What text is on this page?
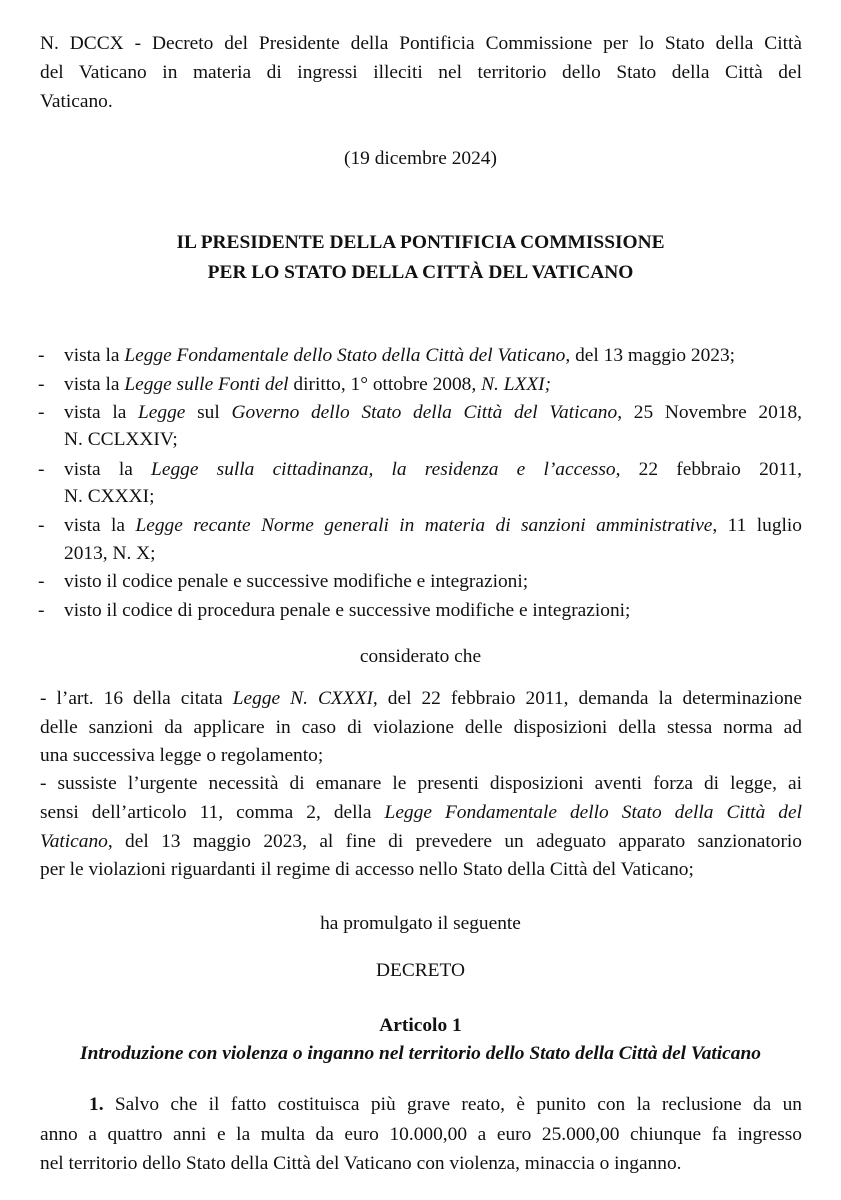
N. DCCX - Decreto del Presidente della Pontificia Commissione per lo Stato della Città
del Vaticano in materia di ingressi illeciti nel territorio dello Stato della Città del
Vaticano.
(19 dicembre 2024)
IL PRESIDENTE DELLA PONTIFICIA COMMISSIONE
PER LO STATO DELLA CITTÀ DEL VATICANO
- vista la Legge Fondamentale dello Stato della Città del Vaticano, del 13 maggio 2023;
- vista la Legge sulle Fonti del diritto, 1° ottobre 2008, N. LXXI;
- vista la Legge sul Governo dello Stato della Città del Vaticano, 25 Novembre 2018,
N. CCLXXIV;
- vista la Legge sulla cittadinanza, la residenza e l’accesso, 22 febbraio 2011,
N. CXXXI;
- vista la Legge recante Norme generali in materia di sanzioni amministrative, 11 luglio
2013, N. X;
- visto il codice penale e successive modifiche e integrazioni;
- visto il codice di procedura penale e successive modifiche e integrazioni;
considerato che
- l’art. 16 della citata Legge N. CXXXI, del 22 febbraio 2011, demanda la determinazione
delle sanzioni da applicare in caso di violazione delle disposizioni della stessa norma ad
una successiva legge o regolamento;
- sussiste l’urgente necessità di emanare le presenti disposizioni aventi forza di legge, ai
sensi dell’articolo 11, comma 2, della Legge Fondamentale dello Stato della Città del
Vaticano, del 13 maggio 2023, al fine di prevedere un adeguato apparato sanzionatorio
per le violazioni riguardanti il regime di accesso nello Stato della Città del Vaticano;
ha promulgato il seguente
DECRETO
Articolo 1
Introduzione con violenza o inganno nel territorio dello Stato della Città del Vaticano
1. Salvo che il fatto costituisca più grave reato, è punito con la reclusione da un
anno a quattro anni e la multa da euro 10.000,00 a euro 25.000,00 chiunque fa ingresso
nel territorio dello Stato della Città del Vaticano con violenza, minaccia o inganno.
